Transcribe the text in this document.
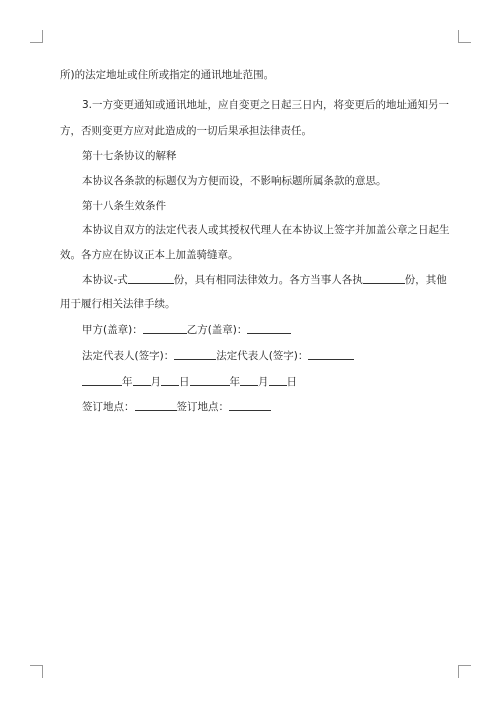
所)的法定地址或住所或指定的通讯地址范围。
3.一方变更通知或通讯地址，应自变更之日起三日内，将变更后的地址通知另一
方，否则变更方应对此造成的一切后果承担法律责任。
第十七条协议的解释
本协议各条款的标题仅为方便而设，不影响标题所属条款的意思。
第十八条生效条件
本协议自双方的法定代表人或其授权代理人在本协议上签字并加盖公章之日起生
效。各方应在协议正本上加盖骑缝章。
本协议-式	份，具有相同法律效力。各方当事人各执	份，其他
用于履行相关法律手续。
甲方(盖章)：	乙方(盖章)：
法定代表人(签字)：	法定代表人(签字)：
年 月 日	年 月 日
签订地点：	签订地点：
